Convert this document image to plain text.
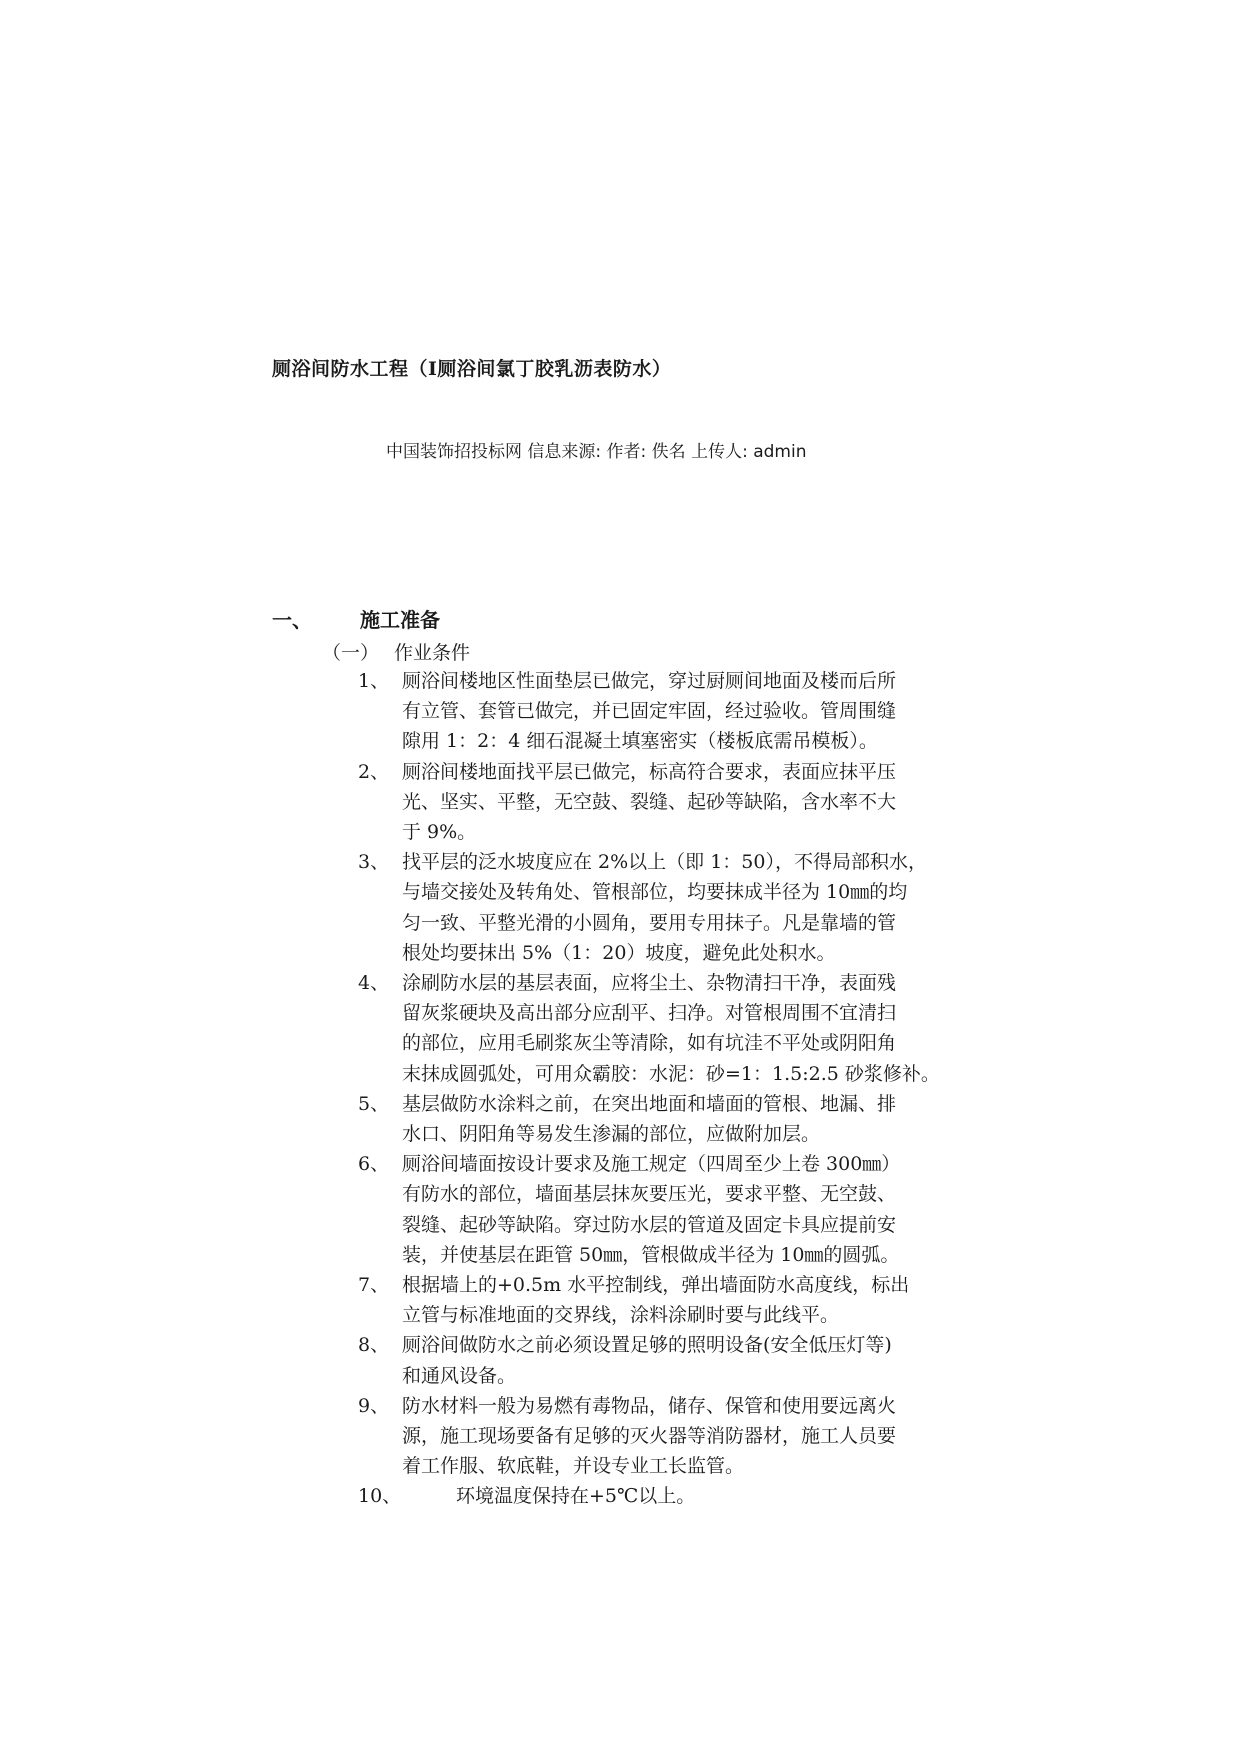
厕浴间防水工程（Ⅰ厕浴间氯丁胶乳沥表防水）
中国装饰招投标网 信息来源: 作者: 佚名 上传人: admin
一、 施工准备
（一） 作业条件
1、 厕浴间楼地区性面垫层已做完，穿过厨厕间地面及楼而后所
有立管、套管已做完，并已固定牢固，经过验收。管周围缝
隙用 1：2：4 细石混凝土填塞密实（楼板底需吊模板）。
2、 厕浴间楼地面找平层已做完，标高符合要求，表面应抹平压
光、坚实、平整，无空鼓、裂缝、起砂等缺陷，含水率不大
于 9%。
3、 找平层的泛水坡度应在 2%以上（即 1：50），不得局部积水，
与墙交接处及转角处、管根部位，均要抹成半径为 10㎜的均
匀一致、平整光滑的小圆角，要用专用抹子。凡是靠墙的管
根处均要抹出 5%（1：20）坡度，避免此处积水。
4、 涂刷防水层的基层表面，应将尘土、杂物清扫干净，表面残
留灰浆硬块及高出部分应刮平、扫净。对管根周围不宜清扫
的部位，应用毛刷浆灰尘等清除，如有坑洼不平处或阴阳角
末抹成圆弧处，可用众霸胶：水泥：砂=1：1.5:2.5 砂浆修补。
5、 基层做防水涂料之前，在突出地面和墙面的管根、地漏、排
水口、阴阳角等易发生渗漏的部位，应做附加层。
6、 厕浴间墙面按设计要求及施工规定（四周至少上卷 300㎜）
有防水的部位，墙面基层抹灰要压光，要求平整、无空鼓、
裂缝、起砂等缺陷。穿过防水层的管道及固定卡具应提前安
装，并使基层在距管 50㎜，管根做成半径为 10㎜的圆弧。
7、 根据墙上的+0.5m 水平控制线，弹出墙面防水高度线，标出
立管与标准地面的交界线，涂料涂刷时要与此线平。
8、 厕浴间做防水之前必须设置足够的照明设备(安全低压灯等)
和通风设备。
9、 防水材料一般为易燃有毒物品，储存、保管和使用要远离火
源，施工现场要备有足够的灭火器等消防器材，施工人员要
着工作服、软底鞋，并设专业工长监管。
10、	环境温度保持在+5℃以上。
